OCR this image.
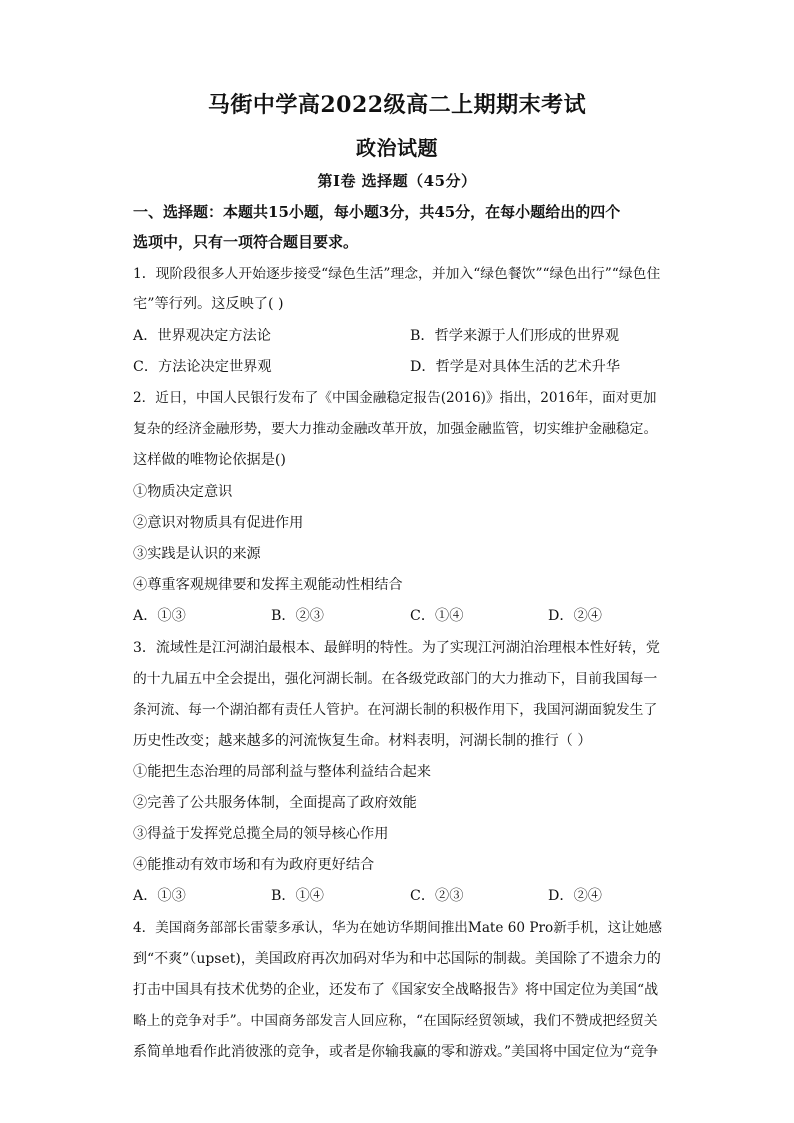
马街中学高2022级高二上期期末考试
政治试题
第I卷 选择题（45分）
一、选择题：本题共15小题，每小题3分，共45分，在每小题给出的四个
选项中，只有一项符合题目要求。
1．现阶段很多人开始逐步接受“绿色生活”理念，并加入“绿色餐饮”“绿色出行”“绿色住
宅”等行列。这反映了( )
A．世界观决定方法论	B．哲学来源于人们形成的世界观
C．方法论决定世界观	D．哲学是对具体生活的艺术升华
2．近日，中国人民银行发布了《中国金融稳定报告(2016)》指出，2016年，面对更加
复杂的经济金融形势，要大力推动金融改革开放，加强金融监管，切实维护金融稳定。
这样做的唯物论依据是()
①物质决定意识
②意识对物质具有促进作用
③实践是认识的来源
④尊重客观规律要和发挥主观能动性相结合
A．①③	B．②③	C．①④	D．②④
3．流域性是江河湖泊最根本、最鲜明的特性。为了实现江河湖泊治理根本性好转，党
的十九届五中全会提出，强化河湖长制。在各级党政部门的大力推动下，目前我国每一
条河流、每一个湖泊都有责任人管护。在河湖长制的积极作用下，我国河湖面貌发生了
历史性改变；越来越多的河流恢复生命。材料表明，河湖长制的推行（ ）
①能把生态治理的局部利益与整体利益结合起来
②完善了公共服务体制，全面提高了政府效能
③得益于发挥党总揽全局的领导核心作用
④能推动有效市场和有为政府更好结合
A．①③	B．①④	C．②③	D．②④
4．美国商务部部长雷蒙多承认，华为在她访华期间推出Mate 60 Pro新手机，这让她感
到“不爽”（upset)，美国政府再次加码对华为和中芯国际的制裁。美国除了不遗余力的
打击中国具有技术优势的企业，还发布了《国家安全战略报告》将中国定位为美国“战
略上的竞争对手”。中国商务部发言人回应称，“在国际经贸领域，我们不赞成把经贸关
系简单地看作此消彼涨的竞争，或者是你输我赢的零和游戏。”美国将中国定位为“竞争
